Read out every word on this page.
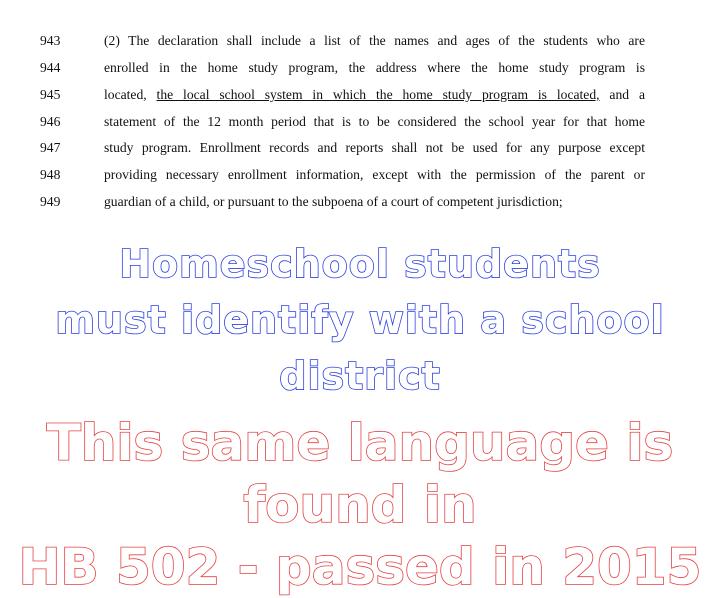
943	(2) The declaration shall include a list of the names and ages of the students who are
944	enrolled in the home study program, the address where the home study program is
945	located, the local school system in which the home study program is located, and a
946	statement of the 12 month period that is to be considered the school year for that home
947	study program. Enrollment records and reports shall not be used for any purpose except
948	providing necessary enrollment information, except with the permission of the parent or
949	guardian of a child, or pursuant to the subpoena of a court of competent jurisdiction;
Homeschool students
must identify with a school
district
This same language is found in
HB 502 - passed in 2015
